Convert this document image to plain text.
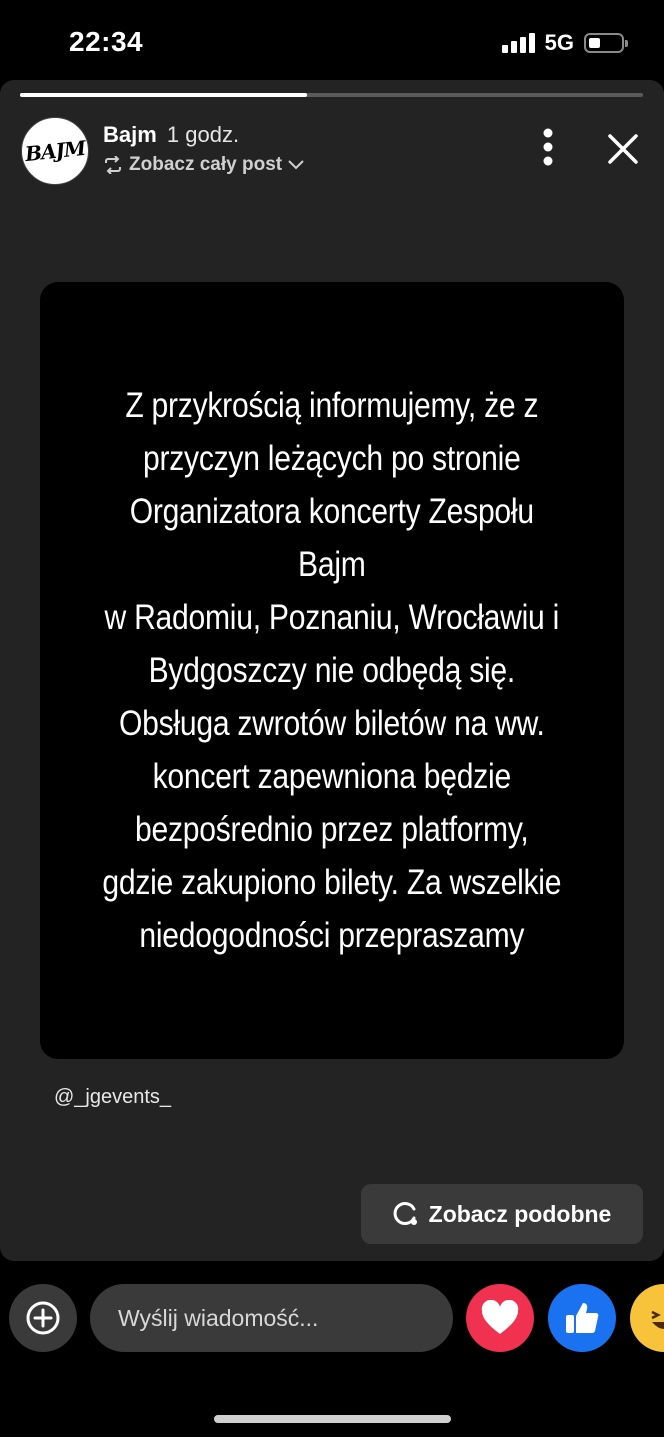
22:34	5G
BAJM
Bajm 1 godz.
Zobacz cały post
Z przykrością informujemy, że z
przyczyn leżących po stronie
Organizatora koncerty Zespołu
Bajm
w Radomiu, Poznaniu, Wrocławiu i
Bydgoszczy nie odbędą się.
Obsługa zwrotów biletów na ww.
koncert zapewniona będzie
bezpośrednio przez platformy,
gdzie zakupiono bilety. Za wszelkie
niedogodności przepraszamy
@_jgevents_
Zobacz podobne
Wyślij wiadomość...
